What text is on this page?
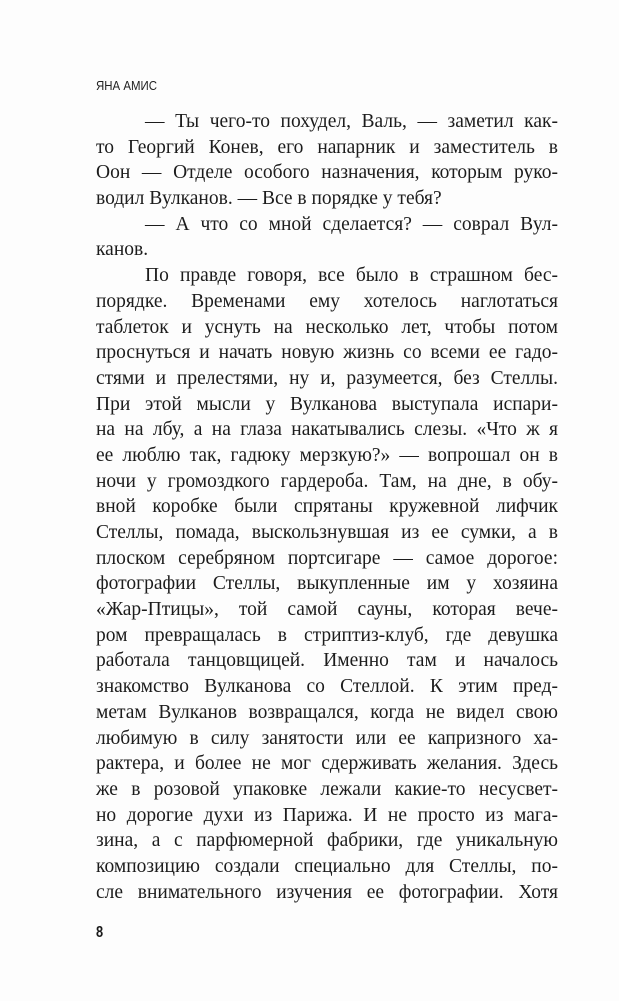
ЯНА АМИС
— Ты чего-то похудел, Валь, — заметил как-
то Георгий Конев, его напарник и заместитель в
Оон — Отделе особого назначения, которым руко-
водил Вулканов. — Все в порядке у тебя?
— А что со мной сделается? — соврал Вул-
канов.
По правде говоря, все было в страшном бес-
порядке. Временами ему хотелось наглотаться
таблеток и уснуть на несколько лет, чтобы потом
проснуться и начать новую жизнь со всеми ее гадо-
стями и прелестями, ну и, разумеется, без Стеллы.
При этой мысли у Вулканова выступала испари-
на на лбу, а на глаза накатывались слезы. «Что ж я
ее люблю так, гадюку мерзкую?» — вопрошал он в
ночи у громоздкого гардероба. Там, на дне, в обу-
вной коробке были спрятаны кружевной лифчик
Стеллы, помада, выскользнувшая из ее сумки, а в
плоском серебряном портсигаре — самое дорогое:
фотографии Стеллы, выкупленные им у хозяина
«Жар-Птицы», той самой сауны, которая вече-
ром превращалась в стриптиз-клуб, где девушка
работала танцовщицей. Именно там и началось
знакомство Вулканова со Стеллой. К этим пред-
метам Вулканов возвращался, когда не видел свою
любимую в силу занятости или ее капризного ха-
рактера, и более не мог сдерживать желания. Здесь
же в розовой упаковке лежали какие-то несусвет-
но дорогие духи из Парижа. И не просто из мага-
зина, а с парфюмерной фабрики, где уникальную
композицию создали специально для Стеллы, по-
сле внимательного изучения ее фотографии. Хотя
8
